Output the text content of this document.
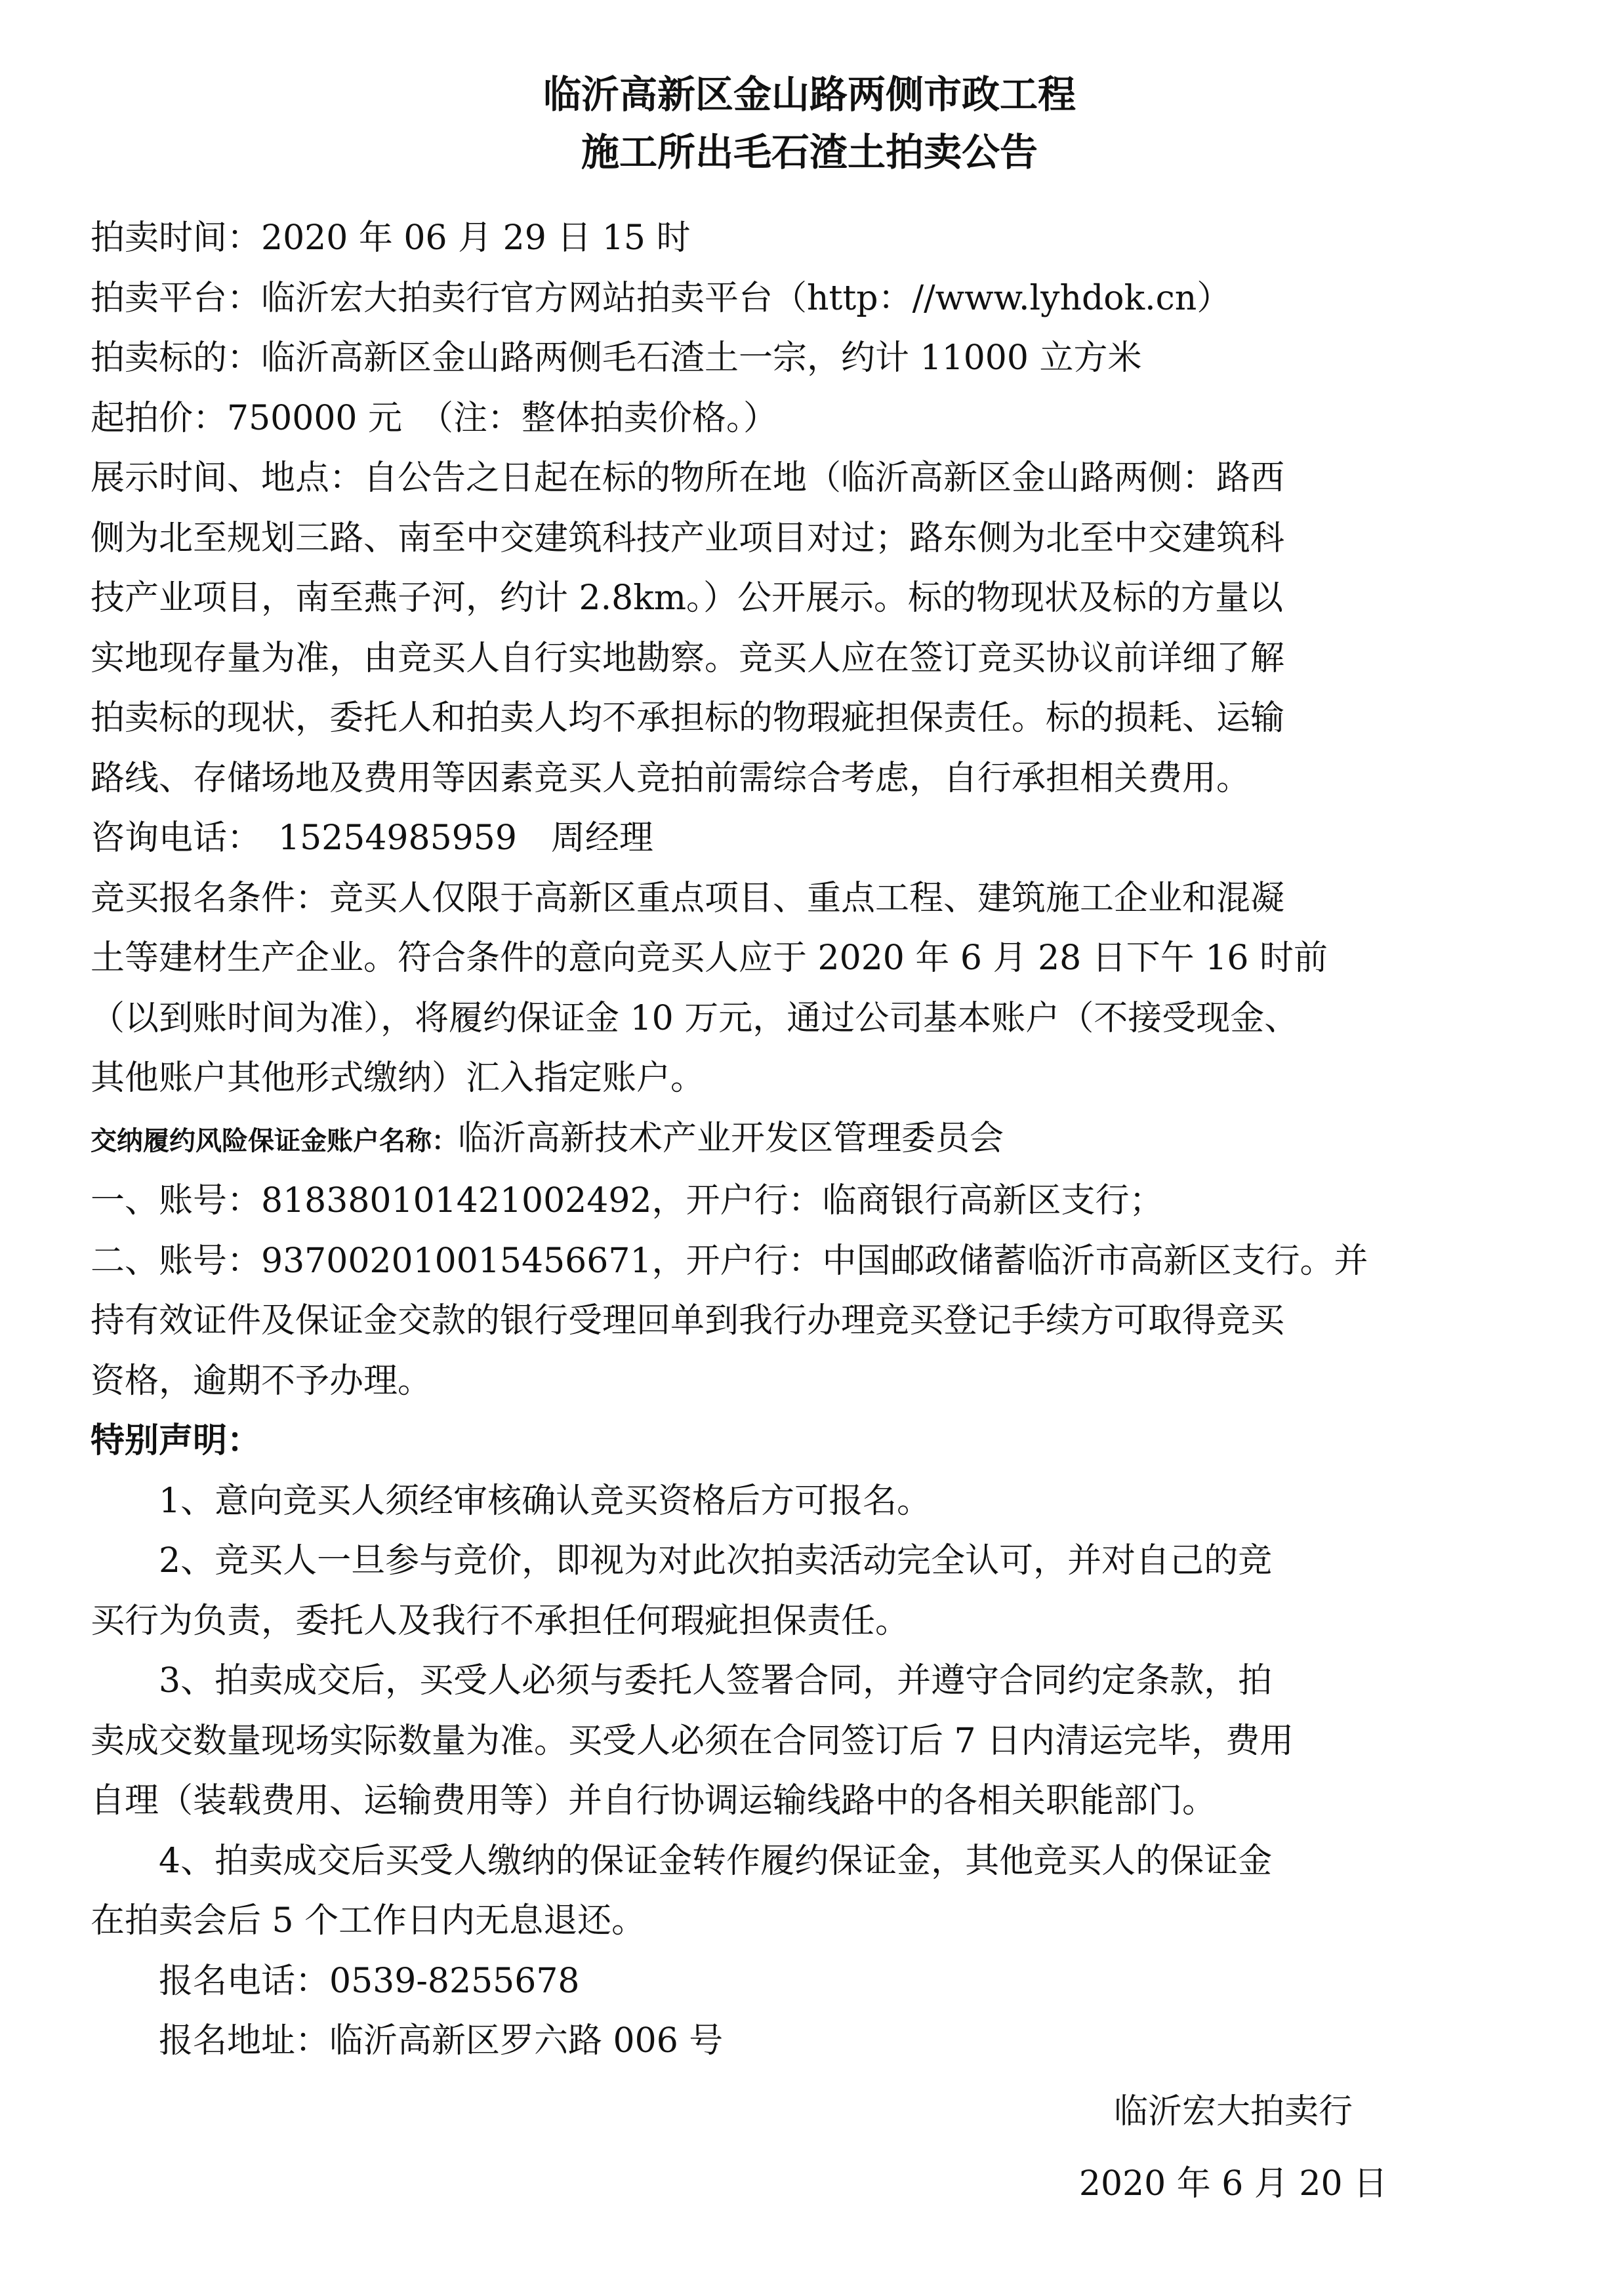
临沂高新区金山路两侧市政工程
施工所出毛石渣土拍卖公告
拍卖时间：2020 年 06 月 29 日 15 时
拍卖平台：临沂宏大拍卖行官方网站拍卖平台（http：//www.lyhdok.cn）
拍卖标的：临沂高新区金山路两侧毛石渣土一宗，约计 11000 立方米
起拍价：750000 元　（注：整体拍卖价格。）
展示时间、地点：自公告之日起在标的物所在地（临沂高新区金山路两侧：路西
侧为北至规划三路、南至中交建筑科技产业项目对过；路东侧为北至中交建筑科
技产业项目，南至燕子河，约计 2.8km。）公开展示。标的物现状及标的方量以
实地现存量为准，由竞买人自行实地勘察。竞买人应在签订竞买协议前详细了解
拍卖标的现状，委托人和拍卖人均不承担标的物瑕疵担保责任。标的损耗、运输
路线、存储场地及费用等因素竞买人竞拍前需综合考虑，自行承担相关费用。
咨询电话：　15254985959　周经理
竞买报名条件：竞买人仅限于高新区重点项目、重点工程、建筑施工企业和混凝
土等建材生产企业。符合条件的意向竞买人应于 2020 年 6 月 28 日下午 16 时前
（以到账时间为准），将履约保证金 10 万元，通过公司基本账户（不接受现金、
其他账户其他形式缴纳）汇入指定账户。
交纳履约风险保证金账户名称：临沂高新技术产业开发区管理委员会
一、账号：818380101421002492，开户行：临商银行高新区支行；
二、账号：937002010015456671，开户行：中国邮政储蓄临沂市高新区支行。并
持有效证件及保证金交款的银行受理回单到我行办理竞买登记手续方可取得竞买
资格，逾期不予办理。
特别声明：
1、意向竞买人须经审核确认竞买资格后方可报名。
2、竞买人一旦参与竞价，即视为对此次拍卖活动完全认可，并对自己的竞
买行为负责，委托人及我行不承担任何瑕疵担保责任。
3、拍卖成交后，买受人必须与委托人签署合同，并遵守合同约定条款，拍
卖成交数量现场实际数量为准。买受人必须在合同签订后 7 日内清运完毕，费用
自理（装载费用、运输费用等）并自行协调运输线路中的各相关职能部门。
4、拍卖成交后买受人缴纳的保证金转作履约保证金，其他竞买人的保证金
在拍卖会后 5 个工作日内无息退还。
报名电话：0539-8255678
报名地址：临沂高新区罗六路 006 号
临沂宏大拍卖行
2020 年 6 月 20 日
